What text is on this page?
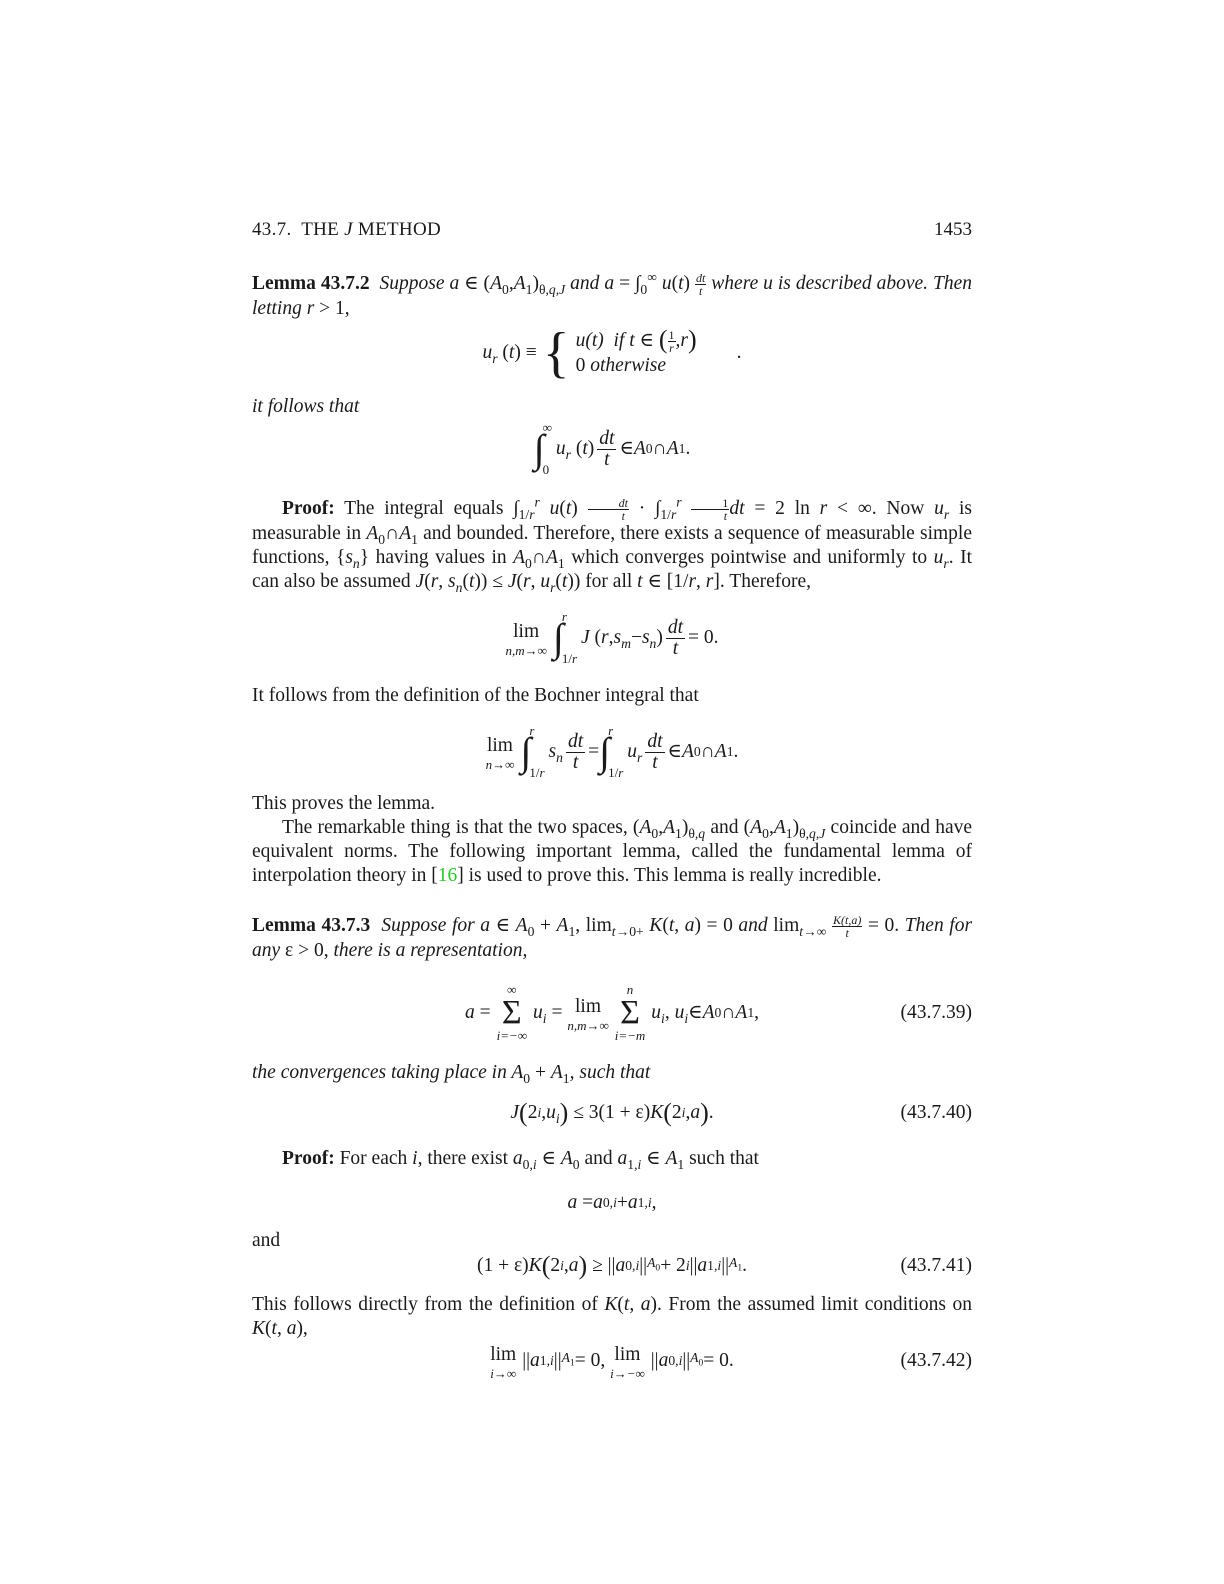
43.7.  THE J METHOD	1453

Lemma 43.7.2 Suppose a ∈ $(A_0,A_1)_{\theta,q,J}$ and $a = \int_0^\infty$ $u(t) \frac{dt}{t}$ where u is described above. Then letting r > 1,

$u_r$ ( t ) ≡ { u(t)  if t ∈ ( $\frac{1}{r} ,r$)
0 otherwise
.

it follows that

∫
∞
0
$u_r$ ( t ) $\frac{dt}{t}$ ∈ A 0 ∩ A 1 .

Proof: The integral equals $\int_{1/r}^r$ $u(t) \frac{dt}{t} \cdot \int_{1/r}^r \frac{1}{t}$ dt = 2 ln r < ∞. Now $u_r$ is measurable in $A_0\cap A_1$ and bounded. Therefore, there exists a sequence of measurable simple functions, $\{s_n\}$ having values in $A_0\cap A_1$ which converges pointwise and uniformly to $u_r$. It can also be assumed J(r, $s_n(t)) \le J(r$, $u_r(t)$) for all t ∈ [1/r, r]. Therefore,

lim
n,m→∞ ∫
r
1/r
J ( r , $s_m - s_n$ ) $\frac{dt}{t} = 0$.

It follows from the definition of the Bochner integral that

lim
n→∞ ∫
r
1/r
$s_n \frac{dt}{t}$ = ∫
r
1/r
$u_r \frac{dt}{t}$ ∈ A 0 ∩ A 1 .

This proves the lemma.

The remarkable thing is that the two spaces, $(A_0,A_1)_{\theta,q}$ and $(A_0,A_1)_{\theta,q,J}$ coincide and have equivalent norms. The following important lemma, called the fundamental lemma of interpolation theory in [16] is used to prove this. This lemma is really incredible.

Lemma 43.7.3 Suppose for a ∈ $A_0 + A_1$, $\lim_{t\to 0+} K(t$, a) = 0 and $\lim_{t\to\infty} \frac{K(t,a)}{t} = 0$. Then for any ε > 0, there is a representation,

a =
∞
Σ
i=−∞
$u_i = \lim$
n,m→∞
n
Σ
i=−m
$u_i$ , $u_i$ ∈ A 0 ∩ A 1 ,	(43.7.39)

the convergences taking place in $A_0 + A_1$, such that

J ( 2 i , $u_i$ ) ≤ 3(1 + ε) K ( 2 i , a ) .	(43.7.40)

Proof: For each i, there exist $a_{0,i}$ ∈ $A_0$ and $a_{1,i}$ ∈ $A_1$ such that

a = a 0,i + a 1,i ,

and

(1 + ε) K ( 2 i , a ) ≥ || a 0,i || $A_0 + 2$ i || a 1,i || $A_1$ .	(43.7.41)

This follows directly from the definition of K(t, a). From the assumed limit conditions on K(t, a),

lim
i→∞
|| a 1,i || $A_1 = 0$, lim
i→−∞
|| a 0,i || $A_0 = 0$.	(43.7.42)
